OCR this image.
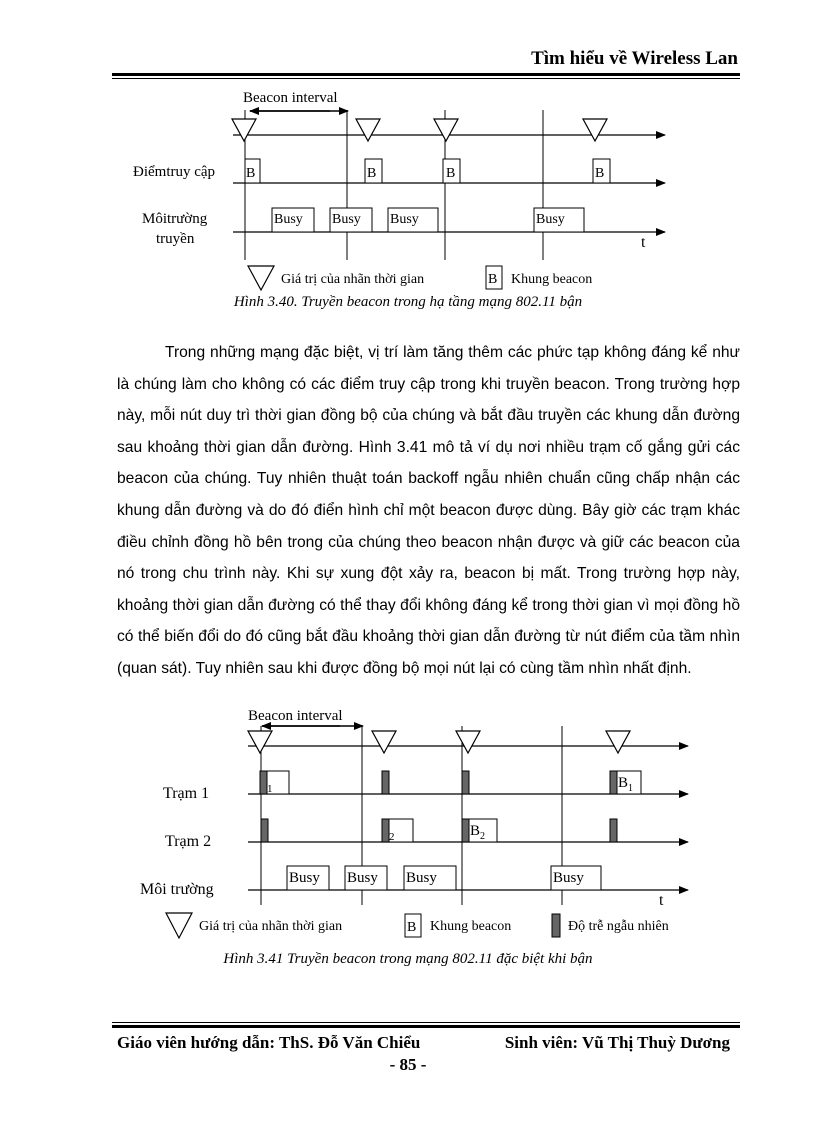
Tìm hiểu về Wireless Lan
Beacon interval
Điểmtruy cập
Môitrường
truyền
B	B	B	B
Busy Busy Busy	Busy
t
Giá trị của nhãn thời gian	B Khung beacon
Hình 3.40. Truyền beacon trong hạ tầng mạng 802.11 bận

Trong những mạng đặc biệt, vị trí làm tăng thêm các phức tạp không đáng kể như là chúng làm cho không có các điểm truy cập trong khi truyền beacon. Trong trường hợp này, mỗi nút duy trì thời gian đồng bộ của chúng và bắt đầu truyền các khung dẫn đường sau khoảng thời gian dẫn đường. Hình 3.41 mô tả ví dụ nơi nhiều trạm cố gắng gửi các beacon của chúng. Tuy nhiên thuật toán backoff ngẫu nhiên chuẩn cũng chấp nhận các khung dẫn đường và do đó điển hình chỉ một beacon được dùng. Bây giờ các trạm khác điều chỉnh đồng hồ bên trong của chúng theo beacon nhận được và giữ các beacon của nó trong chu trình này. Khi sự xung đột xảy ra, beacon bị mất. Trong trường hợp này, khoảng thời gian dẫn đường có thể thay đổi không đáng kể trong thời gian vì mọi đồng hồ có thể biến đổi do đó cũng bắt đầu khoảng thời gian dẫn đường từ nút điểm của tầm nhìn (quan sát). Tuy nhiên sau khi được đồng bộ mọi nút lại có cùng tầm nhìn nhất định.

Beacon interval
Trạm 1
Trạm 2
Môi trường
1	$B_1$
2	$B_2$
Busy Busy Busy	Busy
t
Giá trị của nhãn thời gian	B Khung beacon	Độ trễ ngẫu nhiên
Hình 3.41 Truyền beacon trong mạng 802.11 đặc biệt khi bận
Giáo viên hướng dẫn: ThS. Đỗ Văn Chiểu	Sinh viên: Vũ Thị Thuỳ Dương
- 85 -
